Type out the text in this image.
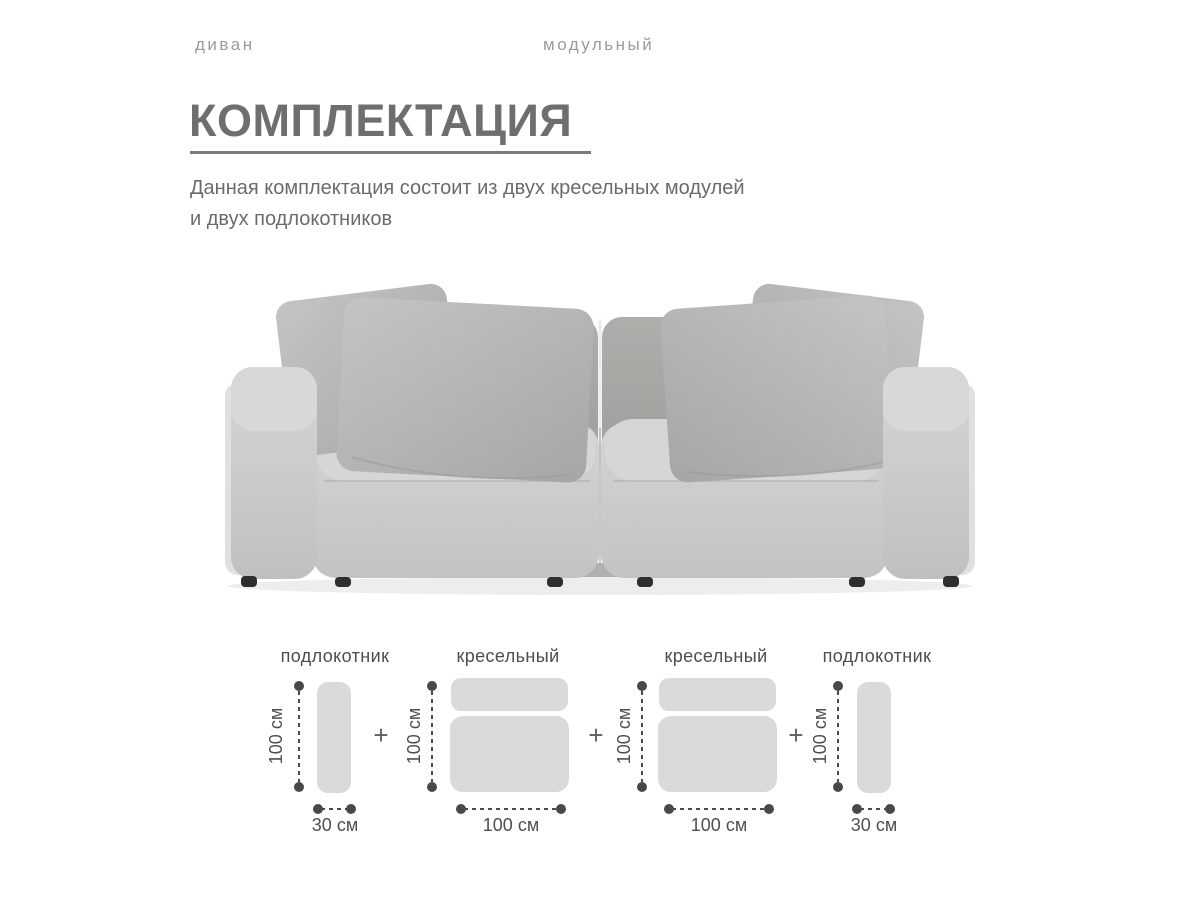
диван	модульный
КОМПЛЕКТАЦИЯ
Данная комплектация состоит из двух кресельных модулей
и двух подлокотников
подлокотник
100 см
30 см
+
кресельный
100 см
100 см
+
кресельный
100 см
100 см
+
подлокотник
100 см
30 см
